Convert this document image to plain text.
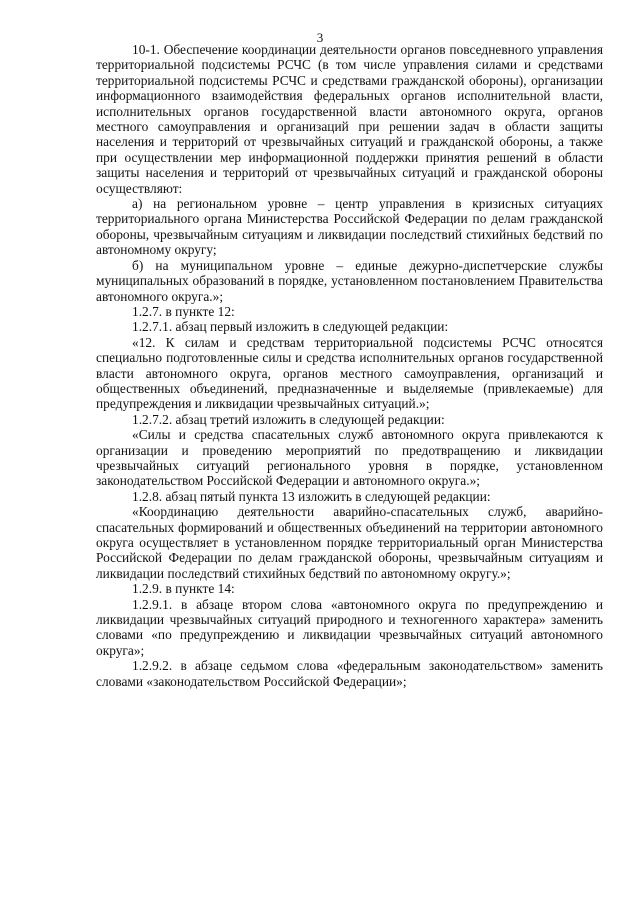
3

10-1. Обеспечение координации деятельности органов повседневного управления территориальной подсистемы РСЧС (в том числе управления силами и средствами территориальной подсистемы РСЧС и средствами гражданской обороны), организации информационного взаимодействия федеральных органов исполнительной власти, исполнительных органов государственной власти автономного округа, органов местного самоуправления и организаций при решении задач в области защиты населения и территорий от чрезвычайных ситуаций и гражданской обороны, а также при осуществлении мер информационной поддержки принятия решений в области защиты населения и территорий от чрезвычайных ситуаций и гражданской обороны осуществляют:

а) на региональном уровне – центр управления в кризисных ситуациях территориального органа Министерства Российской Федерации по делам гражданской обороны, чрезвычайным ситуациям и ликвидации последствий стихийных бедствий по автономному округу;

б) на муниципальном уровне – единые дежурно-диспетчерские службы муниципальных образований в порядке, установленном постановлением Правительства автономного округа.»;

1.2.7. в пункте 12:

1.2.7.1. абзац первый изложить в следующей редакции:

«12. К силам и средствам территориальной подсистемы РСЧС относятся специально подготовленные силы и средства исполнительных органов государственной власти автономного округа, органов местного самоуправления, организаций и общественных объединений, предназначенные и выделяемые (привлекаемые) для предупреждения и ликвидации чрезвычайных ситуаций.»;

1.2.7.2. абзац третий изложить в следующей редакции:

«Силы и средства спасательных служб автономного округа привлекаются к организации и проведению мероприятий по предотвращению и ликвидации чрезвычайных ситуаций регионального уровня в порядке, установленном законодательством Российской Федерации и автономного округа.»;

1.2.8. абзац пятый пункта 13 изложить в следующей редакции:

«Координацию деятельности аварийно-спасательных служб, аварийно-спасательных формирований и общественных объединений на территории автономного округа осуществляет в установленном порядке территориальный орган Министерства Российской Федерации по делам гражданской обороны, чрезвычайным ситуациям и ликвидации последствий стихийных бедствий по автономному округу.»;

1.2.9. в пункте 14:

1.2.9.1. в абзаце втором слова «автономного округа по предупреждению и ликвидации чрезвычайных ситуаций природного и техногенного характера» заменить словами «по предупреждению и ликвидации чрезвычайных ситуаций автономного округа»;

1.2.9.2. в абзаце седьмом слова «федеральным законодательством» заменить словами «законодательством Российской Федерации»;
